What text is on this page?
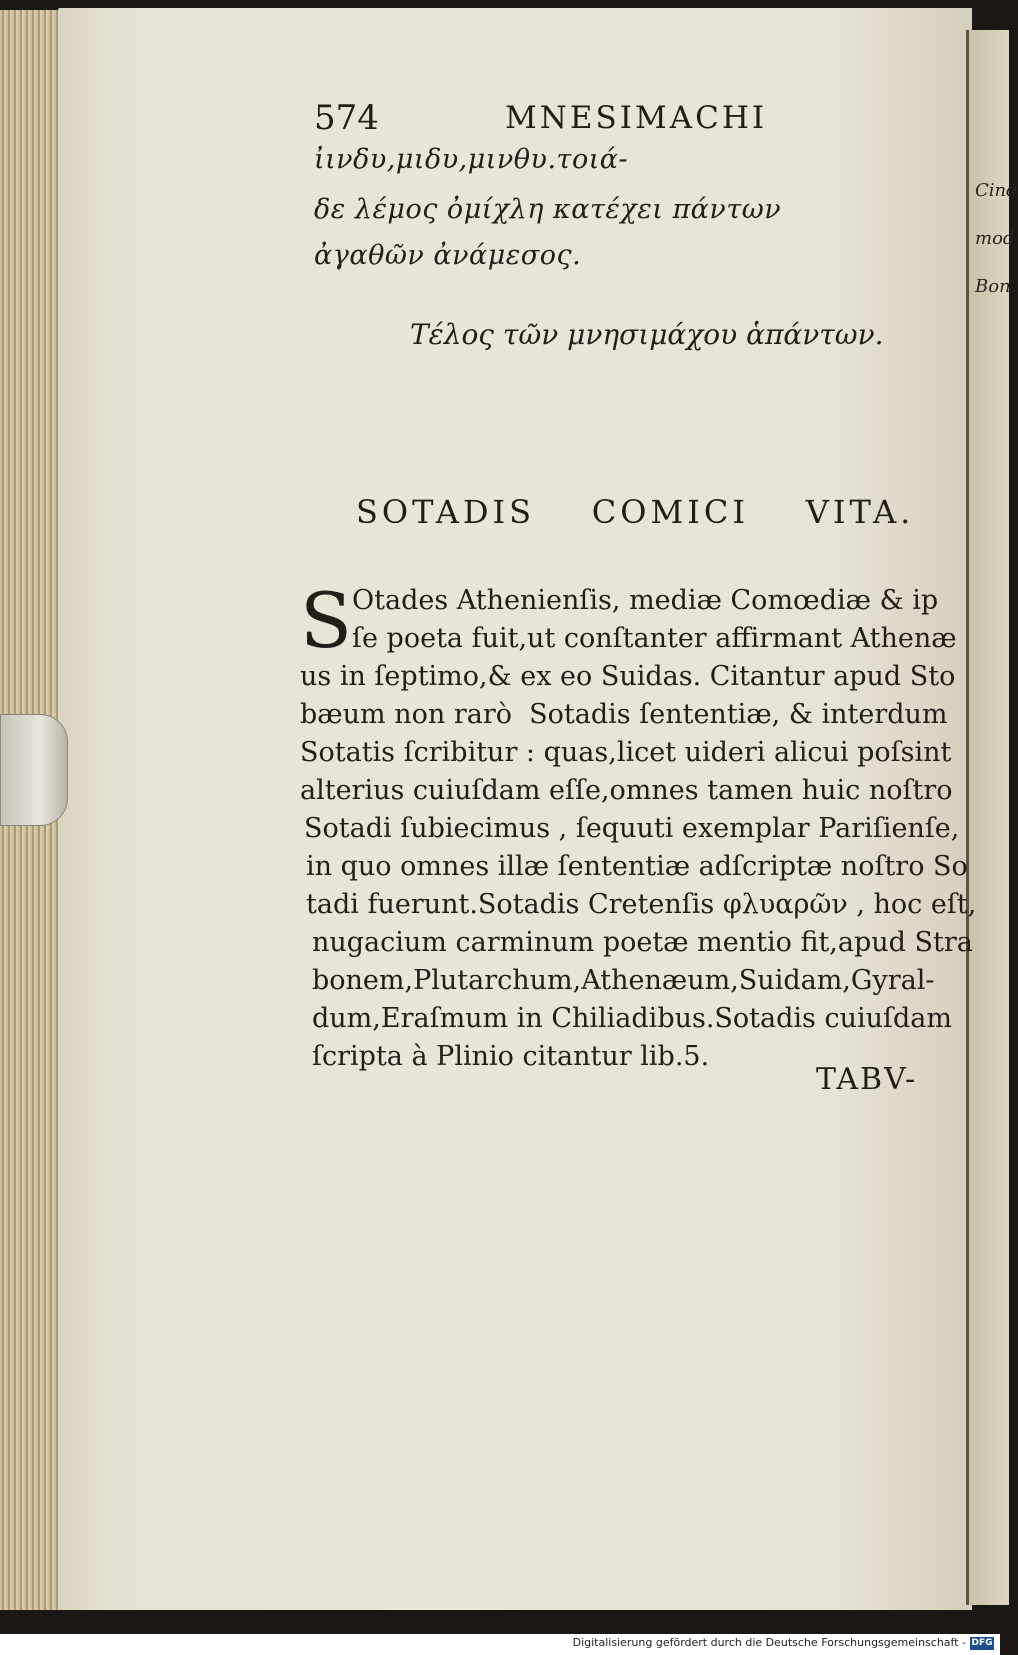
Cind
mod
Bon
574	MNESIMACHI
ἰινδυ,μιδυ,μινθυ.τοιά-
δε λέμος ὀμίχλη κατέχει πάντων
ἀγαθῶν ἀνάμεσος.
Τέλος τῶν μνησιμάχου ἁπάντων.
SOTADIS    COMICI    VITA.
S Otades Athenienſis, mediæ Comœdiæ & ip
ſe poeta fuit,ut conſtanter affirmant Athenæ
us in ſeptimo,& ex eo Suidas. Citantur apud Sto
bæum non rarò  Sotadis ſententiæ, & interdum
Sotatis ſcribitur : quas,licet uideri alicui poſsint
alterius cuiuſdam eſſe,omnes tamen huic noſtro
Sotadi ſubiecimus , ſequuti exemplar Pariſienſe,
in quo omnes illæ ſententiæ adſcriptæ noſtro So
tadi fuerunt.Sotadis Cretenſis φλυαρῶν , hoc eſt,
nugacium carminum poetæ mentio fit,apud Stra
bonem,Plutarchum,Athenæum,Suidam,Gyral-
dum,Eraſmum in Chiliadibus.Sotadis cuiuſdam
ſcripta à Plinio citantur lib.5.
TABV-
Digitalisierung gefördert durch die Deutsche Forschungsgemeinschaft - DFG
